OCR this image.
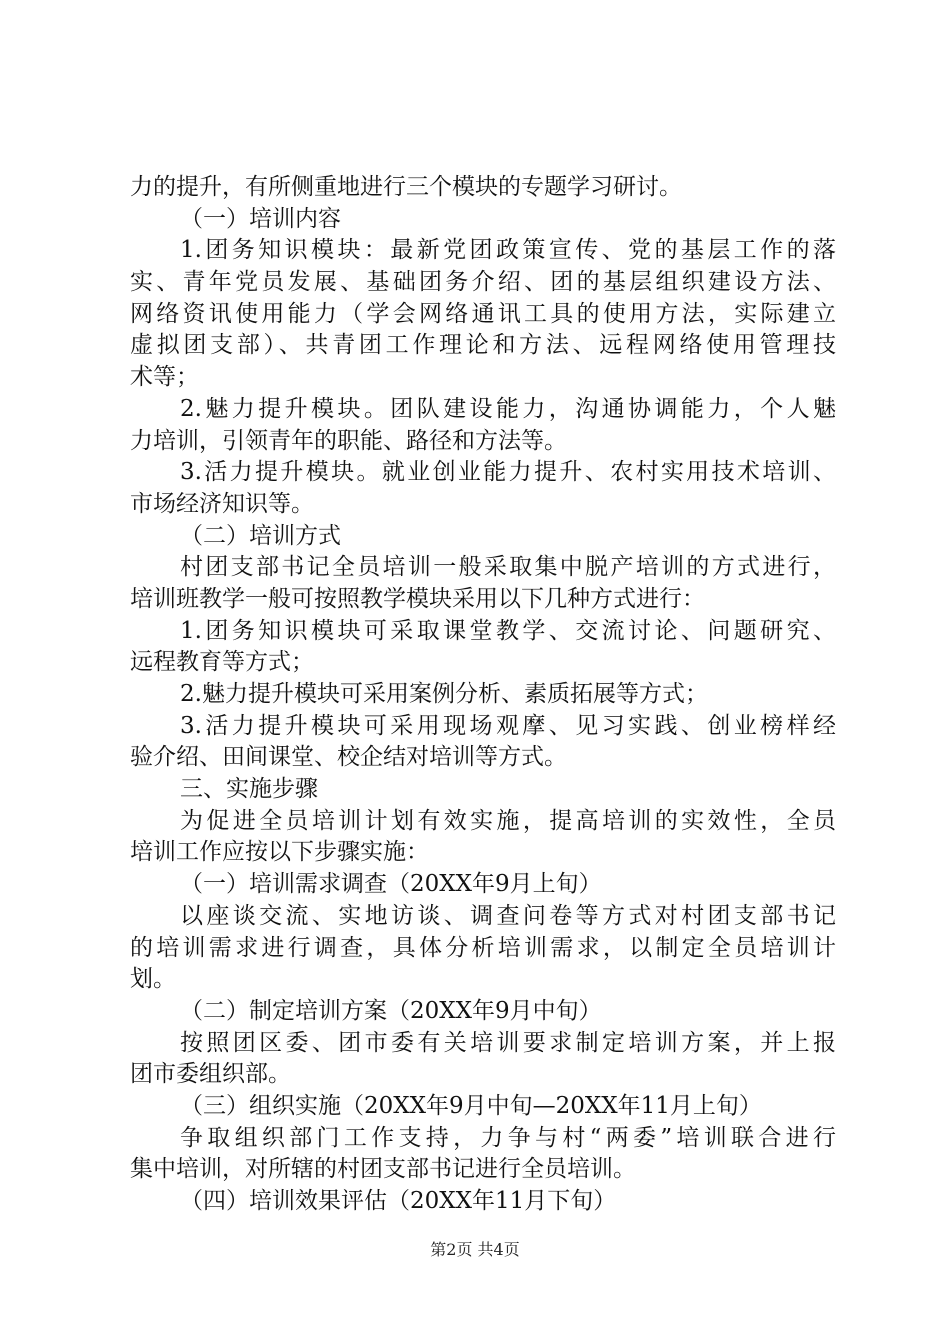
力的提升，有所侧重地进行三个模块的专题学习研讨。
（一）培训内容
1.团务知识模块：最新党团政策宣传、党的基层工作的落
实、青年党员发展、基础团务介绍、团的基层组织建设方法、
网络资讯使用能力（学会网络通讯工具的使用方法，实际建立
虚拟团支部）、共青团工作理论和方法、远程网络使用管理技
术等；
2.魅力提升模块。团队建设能力，沟通协调能力，个人魅
力培训，引领青年的职能、路径和方法等。
3.活力提升模块。就业创业能力提升、农村实用技术培训、
市场经济知识等。
（二）培训方式
村团支部书记全员培训一般采取集中脱产培训的方式进行，
培训班教学一般可按照教学模块采用以下几种方式进行：
1.团务知识模块可采取课堂教学、交流讨论、问题研究、
远程教育等方式；
2.魅力提升模块可采用案例分析、素质拓展等方式；
3.活力提升模块可采用现场观摩、见习实践、创业榜样经
验介绍、田间课堂、校企结对培训等方式。
三、实施步骤
为促进全员培训计划有效实施，提高培训的实效性，全员
培训工作应按以下步骤实施：
（一）培训需求调查（20XX年9月上旬）
以座谈交流、实地访谈、调查问卷等方式对村团支部书记
的培训需求进行调查，具体分析培训需求，以制定全员培训计
划。
（二）制定培训方案（20XX年9月中旬）
按照团区委、团市委有关培训要求制定培训方案，并上报
团市委组织部。
（三）组织实施（20XX年9月中旬—20XX年11月上旬）
争取组织部门工作支持，力争与村“两委”培训联合进行
集中培训，对所辖的村团支部书记进行全员培训。
（四）培训效果评估（20XX年11月下旬）
第2页 共4页
